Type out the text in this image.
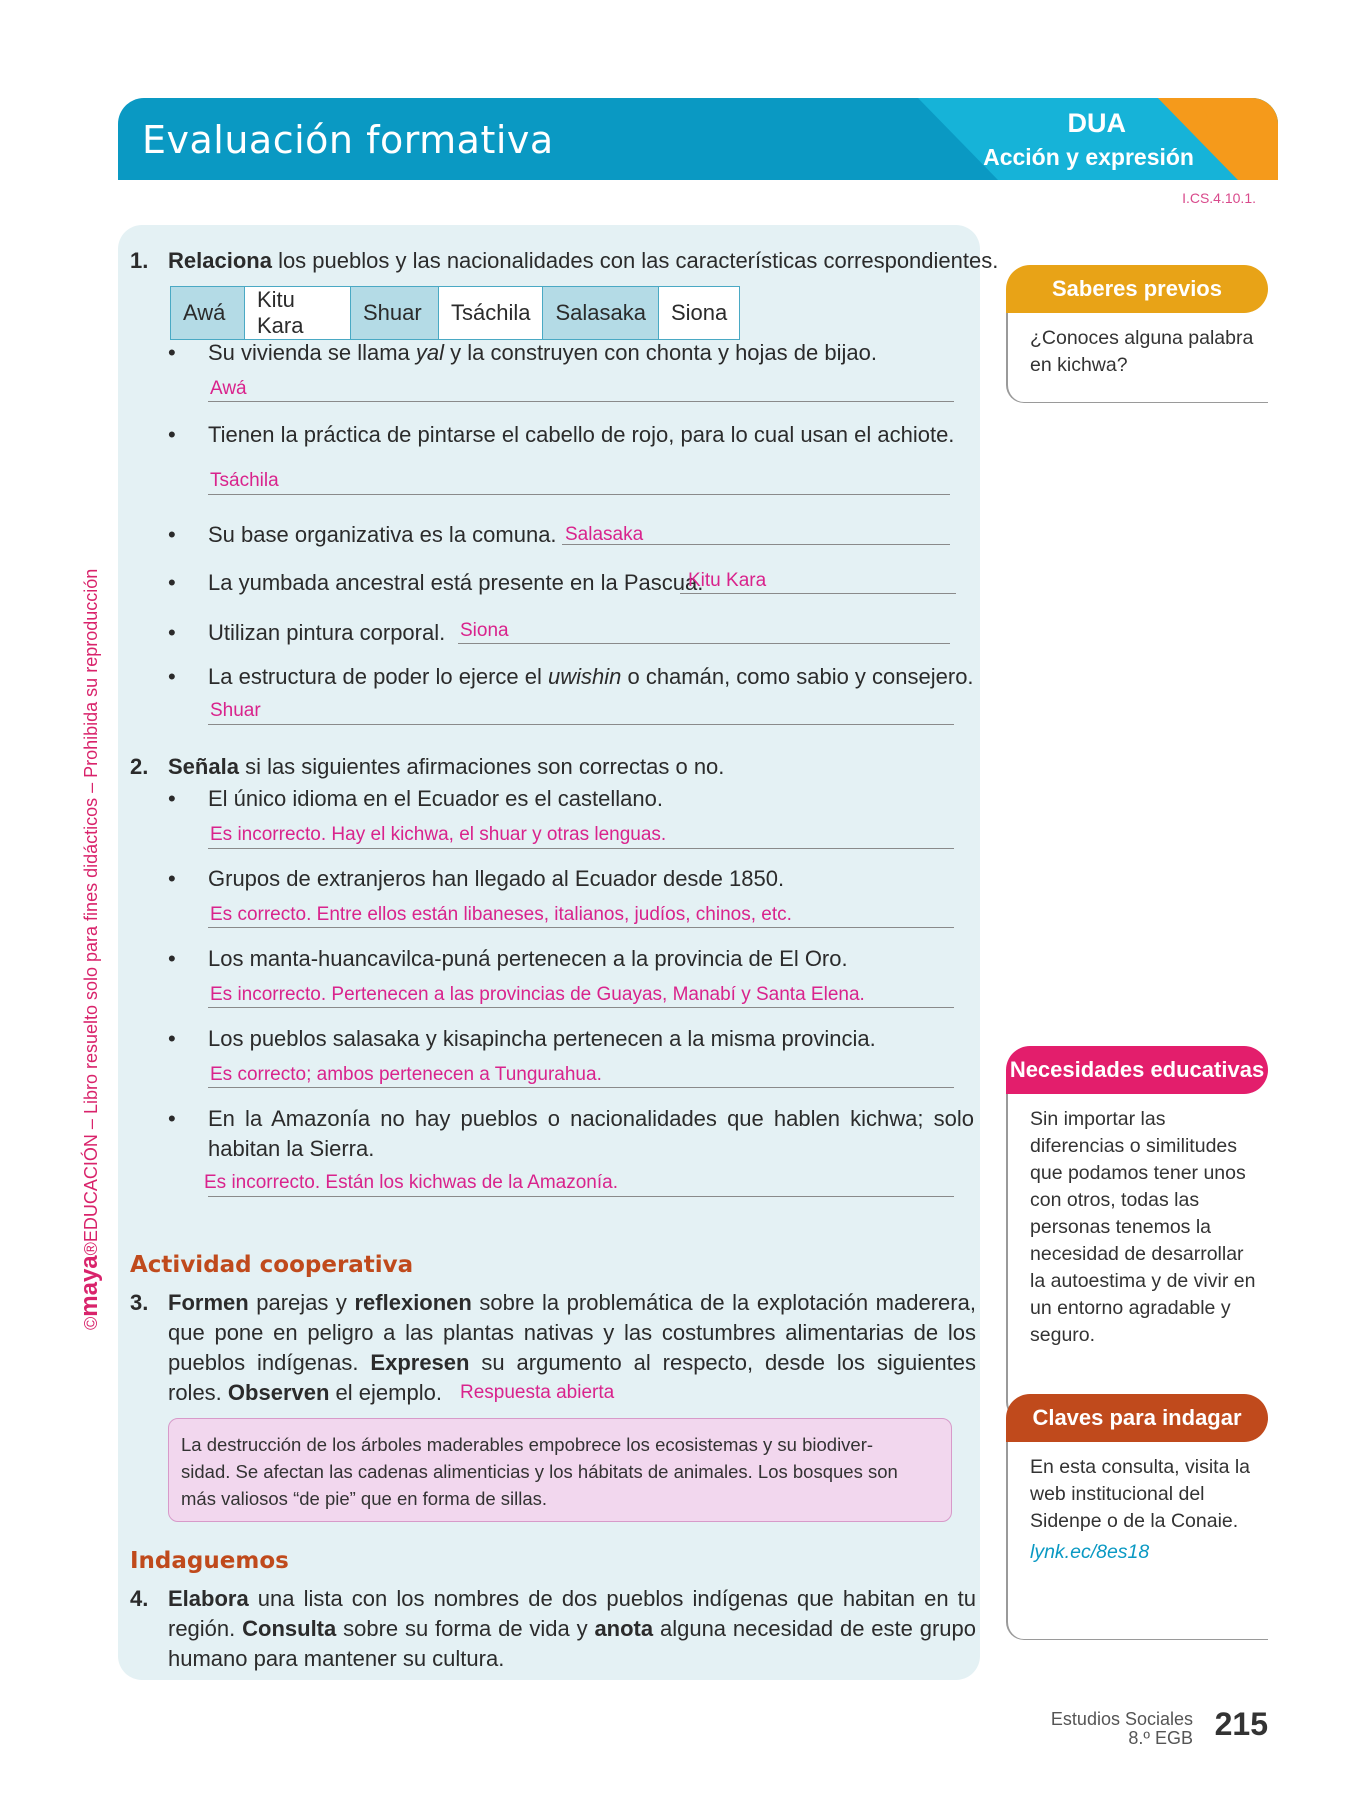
Evaluación formativa	DUA
Acción y expresión
I.CS.4.10.1.
©maya®EDUCACIÓN – Libro resuelto solo para fines didácticos – Prohibida su reproducción
1. Relaciona los pueblos y las nacionalidades con las características correspondientes.
Awá	Kitu Kara	Shuar	Tsáchila	Salasaka	Siona
• Su vivienda se llama yal y la construyen con chonta y hojas de bijao.
Awá
• Tienen la práctica de pintarse el cabello de rojo, para lo cual usan el achiote.
Tsáchila
• Su base organizativa es la comuna. Salasaka
• La yumbada ancestral está presente en la Pascua.
Kitu Kara
• Utilizan pintura corporal. Siona
• La estructura de poder lo ejerce el uwishin o chamán, como sabio y consejero.
Shuar
2. Señala si las siguientes afirmaciones son correctas o no.
• El único idioma en el Ecuador es el castellano.
Es incorrecto. Hay el kichwa, el shuar y otras lenguas.
• Grupos de extranjeros han llegado al Ecuador desde 1850.
Es correcto. Entre ellos están libaneses, italianos, judíos, chinos, etc.
• Los manta-huancavilca-puná pertenecen a la provincia de El Oro.
Es incorrecto. Pertenecen a las provincias de Guayas, Manabí y Santa Elena.
• Los pueblos salasaka y kisapincha pertenecen a la misma provincia.
Es correcto; ambos pertenecen a Tungurahua.
• En la Amazonía no hay pueblos o nacionalidades que hablen kichwa; solo
habitan la Sierra.
Es incorrecto. Están los kichwas de la Amazonía.
Actividad cooperativa
3. Formen parejas y reflexionen sobre la problemática de la explotación maderera,
que pone en peligro a las plantas nativas y las costumbres alimentarias de los
pueblos indígenas. Expresen su argumento al respecto, desde los siguientes
roles. Observen el ejemplo. Respuesta abierta
La destrucción de los árboles maderables empobrece los ecosistemas y su biodiver-
sidad. Se afectan las cadenas alimenticias y los hábitats de animales. Los bosques son
más valiosos “de pie” que en forma de sillas.
Indaguemos
4. Elabora una lista con los nombres de dos pueblos indígenas que habitan en tu
región. Consulta sobre su forma de vida y anota alguna necesidad de este grupo
humano para mantener su cultura.
Saberes previos
¿Conoces alguna palabra en kichwa?
Necesidades educativas
Sin importar las diferencias o similitudes que podamos tener unos con otros, todas las personas tenemos la necesidad de desarrollar la autoestima y de vivir en un entorno agradable y seguro.
Claves para indagar
En esta consulta, visita la web institucional del Sidenpe o de la Conaie.
lynk.ec/8es18
Estudios Sociales
8.º EGB 215
